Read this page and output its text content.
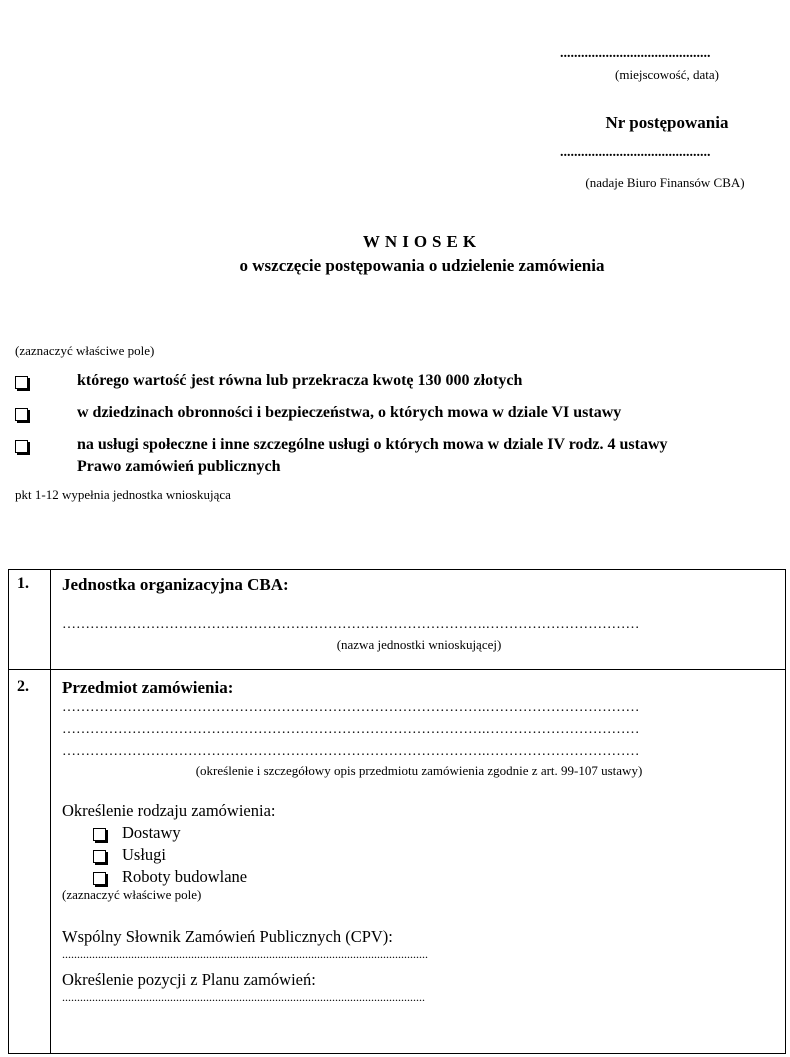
...........................................
(miejscowość, data)
Nr postępowania
...........................................
(nadaje Biuro Finansów CBA)
WNIOSEK
o wszczęcie postępowania o udzielenie zamówienia
(zaznaczyć właściwe pole)
którego wartość jest równa lub przekracza kwotę 130 000 złotych
w dziedzinach obronności i bezpieczeństwa, o których mowa w dziale VI ustawy
na usługi społeczne i inne szczególne usługi o których mowa w dziale IV rodz. 4 ustawy
Prawo zamówień publicznych
pkt 1-12 wypełnia jednostka wnioskująca
1. Jednostka organizacyjna CBA:
……………………………………………………………………………….……………………………
(nazwa jednostki wnioskującej)
2. Przedmiot zamówienia:
……………………………………………………………………………….……………………………
……………………………………………………………………………….……………………………
……………………………………………………………………………….……………………………
(określenie i szczegółowy opis przedmiotu zamówienia zgodnie z art. 99-107 ustawy)
Określenie rodzaju zamówienia:
Dostawy
Usługi
Roboty budowlane
(zaznaczyć właściwe pole)
Wspólny Słownik Zamówień Publicznych (CPV):
..........................................................................................................................
Określenie pozycji z Planu zamówień:
.........................................................................................................................
